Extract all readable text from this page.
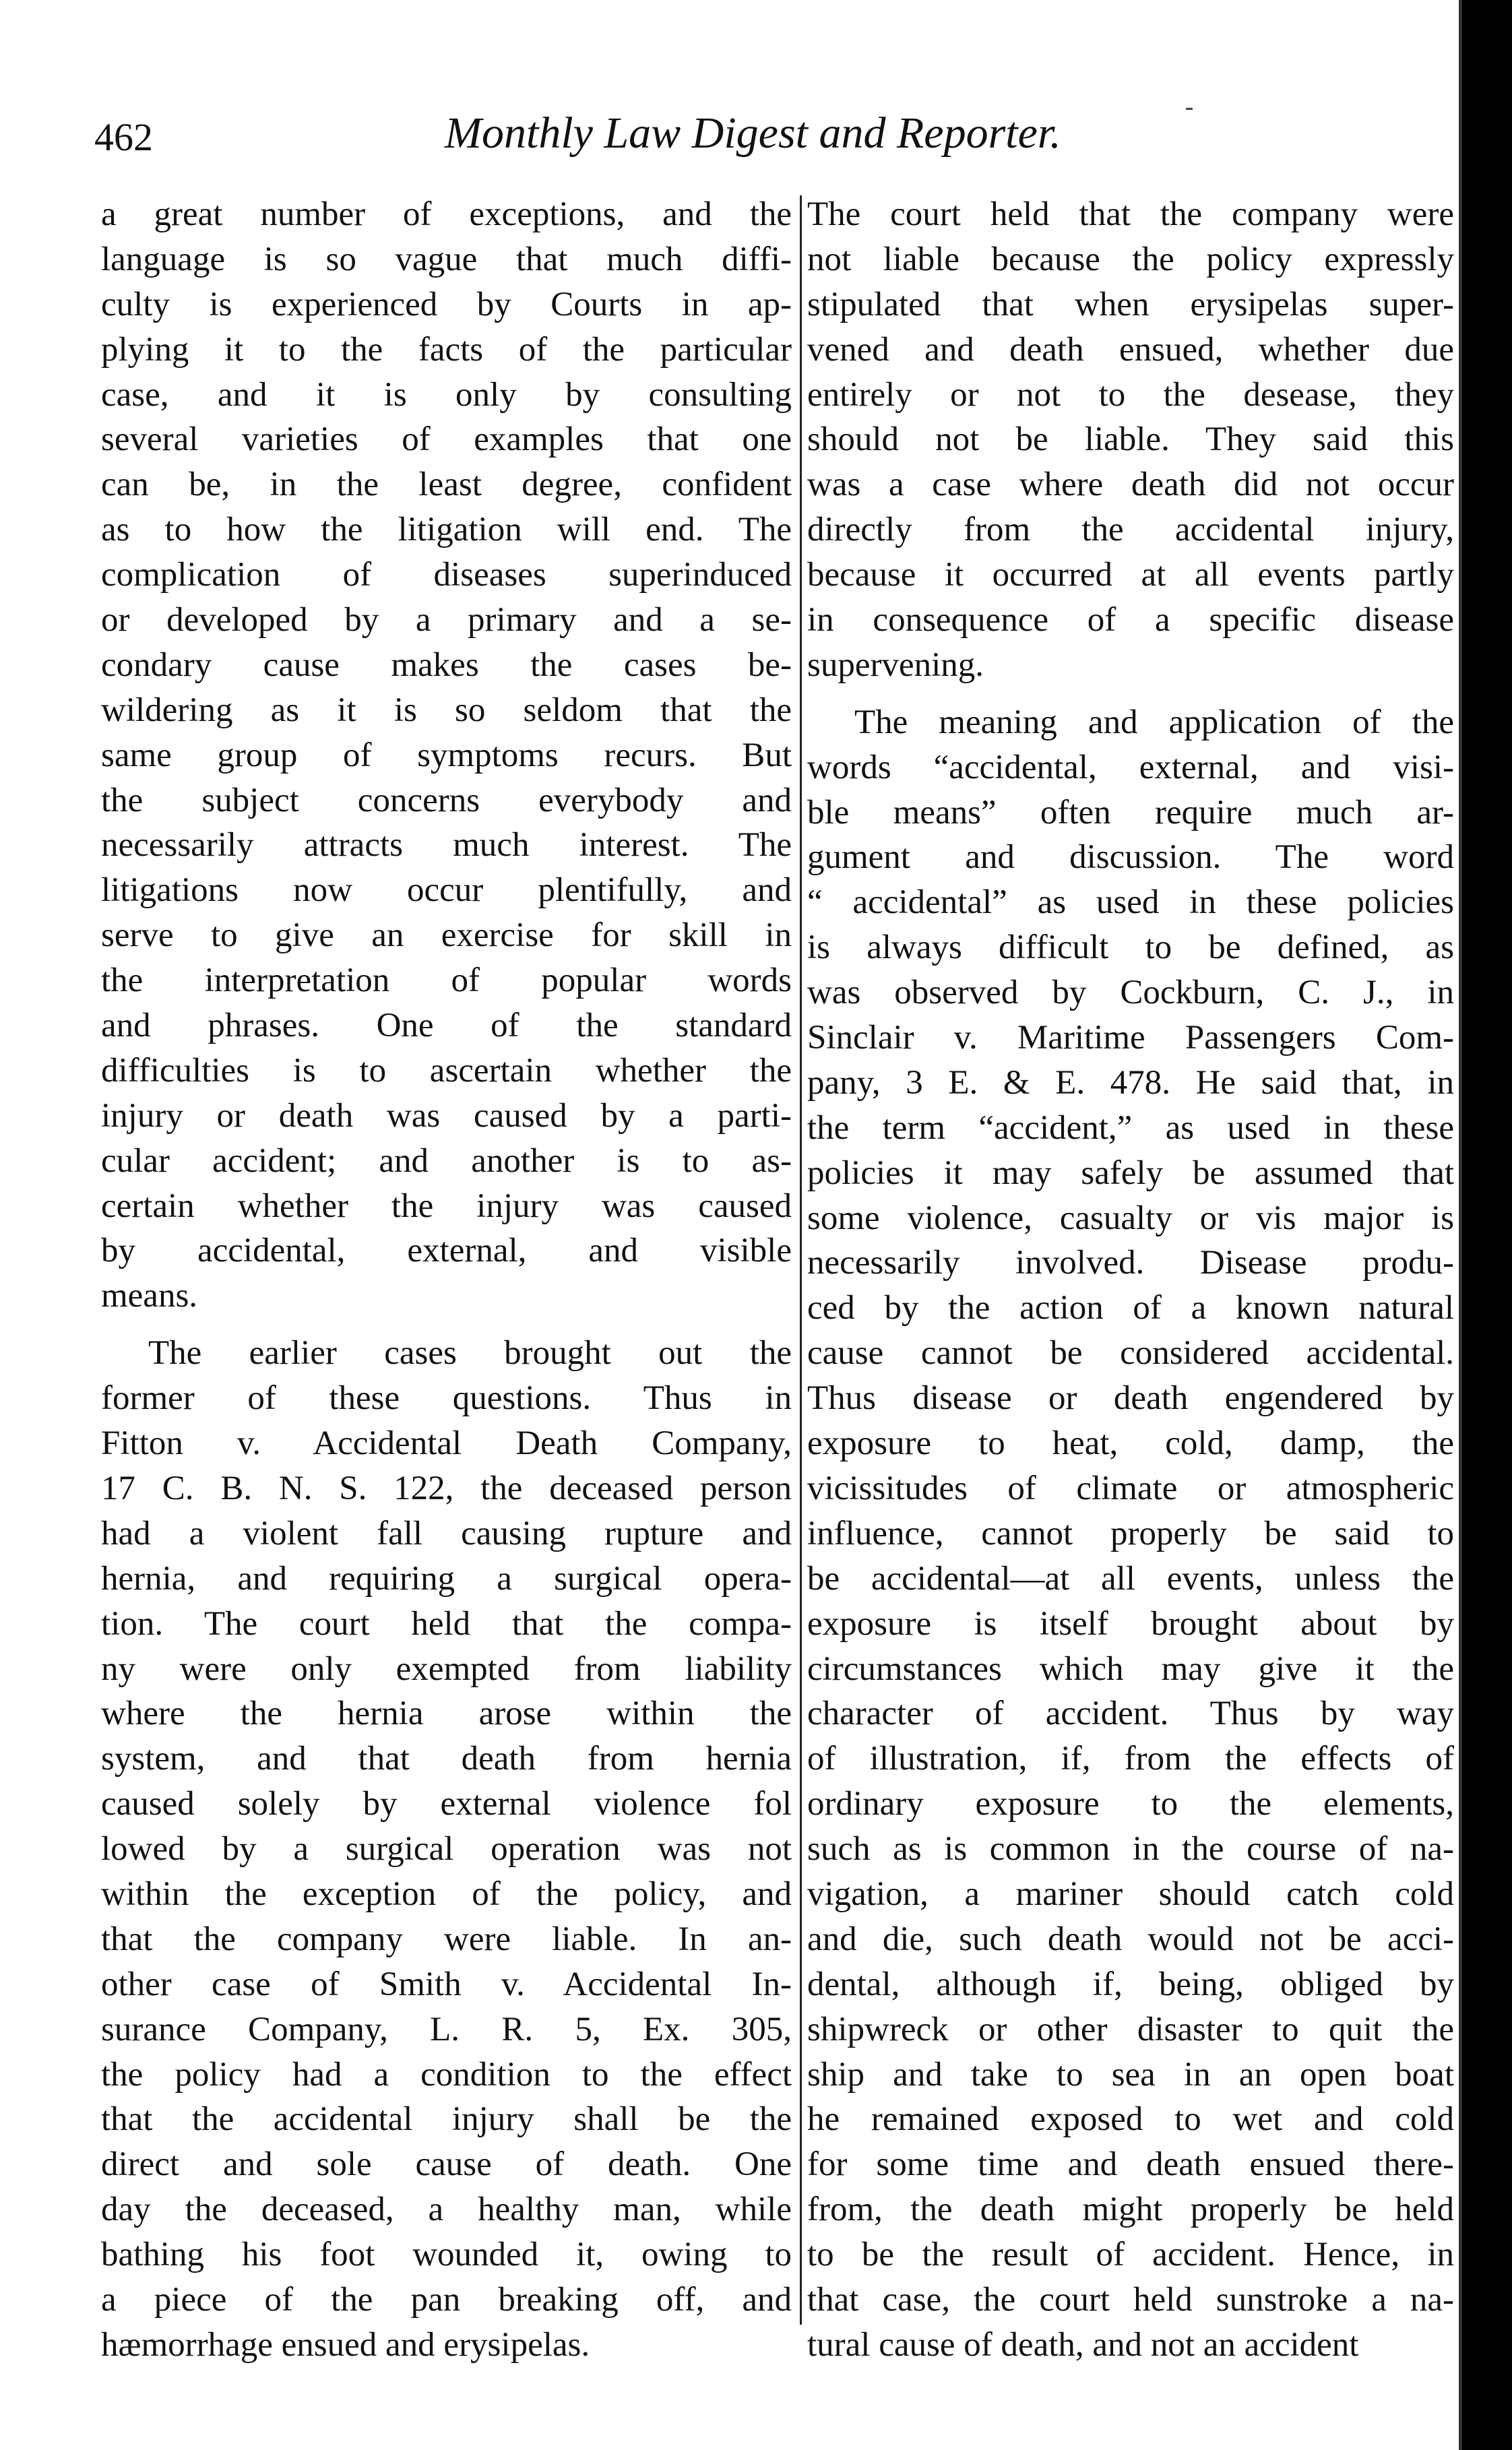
462	Monthly Law Digest and Reporter.

a great number of exceptions, and the
language is so vague that much diffi-
culty is experienced by Courts in ap-
plying it to the facts of the particular
case, and it is only by consulting
several varieties of examples that one
can be, in the least degree, confident
as to how the litigation will end. The
complication of diseases superinduced
or developed by a primary and a se-
condary cause makes the cases be-
wildering as it is so seldom that the
same group of symptoms recurs. But
the subject concerns everybody and
necessarily attracts much interest. The
litigations now occur plentifully, and
serve to give an exercise for skill in
the interpretation of popular words
and phrases. One of the standard
difficulties is to ascertain whether the
injury or death was caused by a parti-
cular accident; and another is to as-
certain whether the injury was caused
by accidental, external, and visible
means.

The earlier cases brought out the
former of these questions. Thus in
Fitton v. Accidental Death Company,
17 C. B. N. S. 122, the deceased person
had a violent fall causing rupture and
hernia, and requiring a surgical opera-
tion. The court held that the compa-
ny were only exempted from liability
where the hernia arose within the
system, and that death from hernia
caused solely by external violence fol
lowed by a surgical operation was not
within the exception of the policy, and
that the company were liable. In an-
other case of Smith v. Accidental In-
surance Company, L. R. 5, Ex. 305,
the policy had a condition to the effect
that the accidental injury shall be the
direct and sole cause of death. One
day the deceased, a healthy man, while
bathing his foot wounded it, owing to
a piece of the pan breaking off, and
hæmorrhage ensued and erysipelas.

The court held that the company were
not liable because the policy expressly
stipulated that when erysipelas super-
vened and death ensued, whether due
entirely or not to the desease, they
should not be liable. They said this
was a case where death did not occur
directly from the accidental injury,
because it occurred at all events partly
in consequence of a specific disease
supervening.

The meaning and application of the
words “accidental, external, and visi-
ble means” often require much ar-
gument and discussion. The word
“ accidental” as used in these policies
is always difficult to be defined, as
was observed by Cockburn, C. J., in
Sinclair v. Maritime Passengers Com-
pany, 3 E. & E. 478. He said that, in
the term “accident,” as used in these
policies it may safely be assumed that
some violence, casualty or vis major is
necessarily involved. Disease produ-
ced by the action of a known natural
cause cannot be considered accidental.
Thus disease or death engendered by
exposure to heat, cold, damp, the
vicissitudes of climate or atmospheric
influence, cannot properly be said to
be accidental—at all events, unless the
exposure is itself brought about by
circumstances which may give it the
character of accident. Thus by way
of illustration, if, from the effects of
ordinary exposure to the elements,
such as is common in the course of na-
vigation, a mariner should catch cold
and die, such death would not be acci-
dental, although if, being, obliged by
shipwreck or other disaster to quit the
ship and take to sea in an open boat
he remained exposed to wet and cold
for some time and death ensued there-
from, the death might properly be held
to be the result of accident. Hence, in
that case, the court held sunstroke a na-
tural cause of death, and not an accident
